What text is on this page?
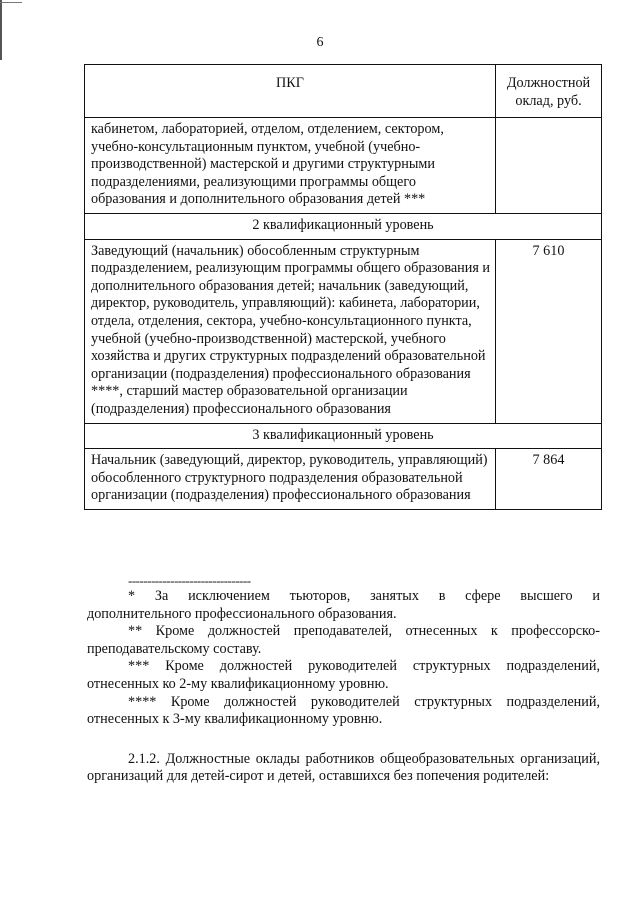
6
ПКГ	Должностной оклад, руб.
кабинетом, лабораторией, отделом, отделением, сектором, учебно-консультационным пунктом, учебной (учебно-производственной) мастерской и другими структурными подразделениями, реализующими программы общего образования и дополнительного образования детей ***	
2 квалификационный уровень	
Заведующий (начальник) обособленным структурным подразделением, реализующим программы общего образования и дополнительного образования детей; начальник (заведующий, директор, руководитель, управляющий): кабинета, лаборатории, отдела, отделения, сектора, учебно-консультационного пункта, учебной (учебно-производственной) мастерской, учебного хозяйства и других структурных подразделений образовательной организации (подразделения) профессионального образования ****, старший мастер образовательной организации (подразделения) профессионального образования	7 610
3 квалификационный уровень	
Начальник (заведующий, директор, руководитель, управляющий) обособленного структурного подразделения образовательной организации (подразделения) профессионального образования	7 864
--------------------------------

* За исключением тьюторов, занятых в сфере высшего и

дополнительного профессионального образования.

** Кроме должностей преподавателей, отнесенных к профессорско-преподавательскому составу.

*** Кроме должностей руководителей структурных подразделений, отнесенных ко 2-му квалификационному уровню.

**** Кроме должностей руководителей структурных подразделений, отнесенных к 3-му квалификационному уровню.

2.1.2. Должностные оклады работников общеобразовательных организаций, организаций для детей-сирот и детей, оставшихся без попечения родителей:
